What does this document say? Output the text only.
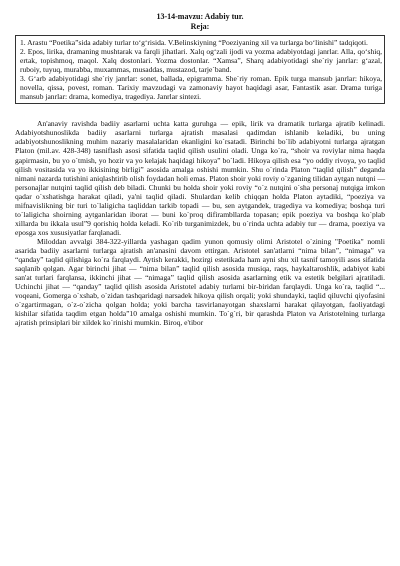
13-14-mavzu: Adabiy tur.
Reja:
1. Arastu “Poetika”sida adabiy turlar to‘g‘risida. V.Belinskiyning “Poeziyaning xil va turlarga bo‘linishi” tadqiqoti.
2. Epos, lirika, dramaning mushtarak va farqli jihatlari. Xalq og‘zali ijodi va yozma adabiyotdagi janrlar. Alla, qo‘shiq, ertak, topishmoq, maqol. Xalq dostonlari. Yozma dostonlar. “Xamsa”, Sharq adabiyotidagi she`riy janrlar: g‘azal, ruboiy, tuyuq, murabba, muxammas, musaddas, mustazod, tarje`band.
3. G‘arb adabiyotidagi she`riy janrlar: sonet, ballada, epigramma. She`riy roman. Epik turga mansub janrlar: hikoya, novella, qissa, povest, roman. Tarixiy mavzudagi va zamonaviy hayot haqidagi asar, Fantastik asar. Drama turiga mansub janrlar: drama, komediya, tragediya. Janrlar sintezi.

An'anaviy ravishda badiiy asarlarni uchta katta guruhga — epik, lirik va dramatik turlarga ajratib kelinadi. Adabiyotshunoslikda badiiy asarlarni turlarga ajratish masalasi qadimdan ishlanib keladiki, bu uning adabiyotshunoslikning muhim nazariy masalalaridan ekanligini ko`rsatadi. Birinchi bo`lib adabiyotni turlarga ajratgan Platon (mil.av. 428-348) tasniflash asosi sifatida taqlid qilish usulini oladi. Unga ko`ra, “shoir va roviylar nima haqda gapirmasin, bu yo o`tmish, yo hozir va yo kelajak haqidagi hikoya” bo`ladi. Hikoya qilish esa “yo oddiy rivoya, yo taqlid qilish vositasida va yo ikkisining birligi” asosida amalga oshishi mumkin. Shu o`rinda Platon “taqlid qilish” deganda nimani nazarda tutishini aniqlashtirib olish foydadan holi emas. Platon shoir yoki roviy o`zganing tilidan aytgan nutqni — personajlar nutqini taqlid qilish deb biladi. Chunki bu holda shoir yoki roviy “o`z nutqini o`sha personaj nutqiga imkon qadar o`xshatishga harakat qiladi, ya'ni taqlid qiladi. Shulardan kelib chiqqan holda Platon aytadiki, “poeziya va mifnavislikning bir turi to`laligicha taqliddan tarkib topadi — bu, sen aytgandek, tragediya va komediya; boshqa turi to`laligicha shoirning aytganlaridan iborat — buni ko`proq difirambllarda topasan; epik poeziya va boshqa ko`plab xillarda bu ikkala usul”9 qorishiq holda keladi. Ko`rib turganimizdek, bu o`rinda uchta adabiy tur — drama, poeziya va eposga xos xususiyatlar farqlanadi.

Miloddan avvalgi 384-322-yillarda yashagan qadim yunon qomusiy olimi Aristotel o`zining "Poetika" nomli asarida badiiy asarlarni turlarga ajratish an'anasini davom ettirgan. Aristotel san'atlarni “nima bilan”, “nimaga” va “qanday” taqlid qilishiga ko`ra farqlaydi. Aytish kerakki, hozirgi estetikada ham ayni shu xil tasnif tamoyili asos sifatida saqlanib qolgan. Agar birinchi jihat — “nima bilan” taqlid qilish asosida musiqa, raqs, haykaltaroshlik, adabiyot kabi san'at turlari farqlansa, ikkinchi jihat — “nimaga” taqlid qilish asosida asarlarning etik va estetik belgilari ajratiladi. Uchinchi jihat — “qanday” taqlid qilish asosida Aristotel adabiy turlarni bir-biridan farqlaydi. Unga ko`ra, taqlid “... voqeani, Gomerga o`xshab, o`zidan tashqaridagi narsadek hikoya qilish orqali; yoki shundayki, taqlid qiluvchi qiyofasini o`zgartirmagan, o`z-o`zicha qolgan holda; yoki barcha tasvirlanayotgan shaxslarni harakat qilayotgan, faoliyatdagi kishilar sifatida taqdim etgan holda”10 amalga oshishi mumkin. To`g`ri, bir qarashda Platon va Aristotelning turlarga ajratish prinsiplari bir xildek ko`rinishi mumkin. Biroq, e'tibor
